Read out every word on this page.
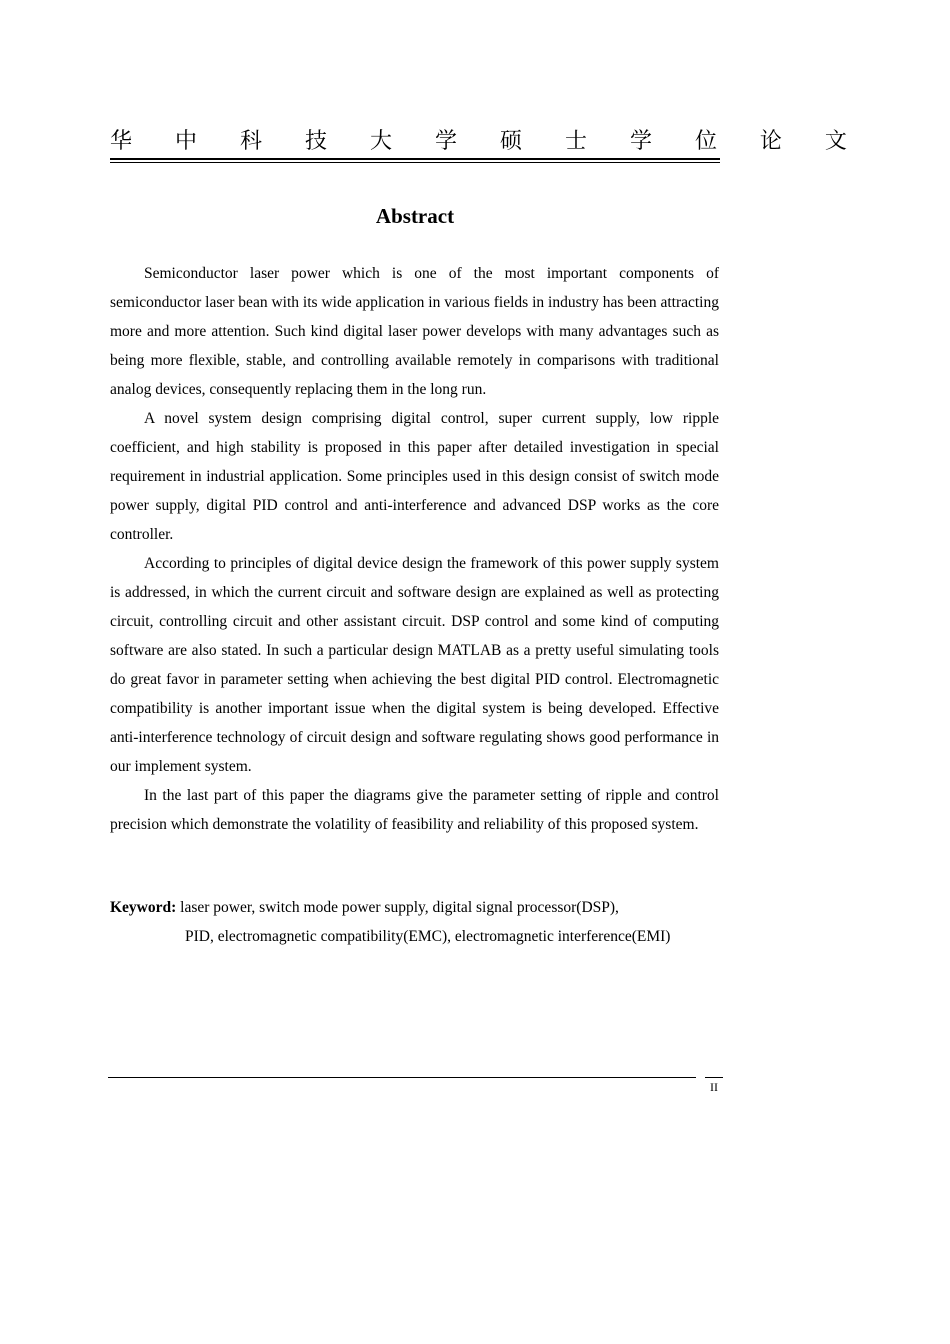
华 中 科 技 大 学 硕 士 学 位 论 文
Abstract

Semiconductor laser power which is one of the most important components of semiconductor laser bean with its wide application in various fields in industry has been attracting more and more attention. Such kind digital laser power develops with many advantages such as being more flexible, stable, and controlling available remotely in comparisons with traditional analog devices, consequently replacing them in the long run.

A novel system design comprising digital control, super current supply, low ripple coefficient, and high stability is proposed in this paper after detailed investigation in special requirement in industrial application. Some principles used in this design consist of switch mode power supply, digital PID control and anti-interference and advanced DSP works as the core controller.

According to principles of digital device design the framework of this power supply system is addressed, in which the current circuit and software design are explained as well as protecting circuit, controlling circuit and other assistant circuit. DSP control and some kind of computing software are also stated. In such a particular design MATLAB as a pretty useful simulating tools do great favor in parameter setting when achieving the best digital PID control. Electromagnetic compatibility is another important issue when the digital system is being developed. Effective anti-interference technology of circuit design and software regulating shows good performance in our implement system.

In the last part of this paper the diagrams give the parameter setting of ripple and control precision which demonstrate the volatility of feasibility and reliability of this proposed system.

Keyword: laser power, switch mode power supply, digital signal processor(DSP),
PID, electromagnetic compatibility(EMC), electromagnetic interference(EMI)
II
